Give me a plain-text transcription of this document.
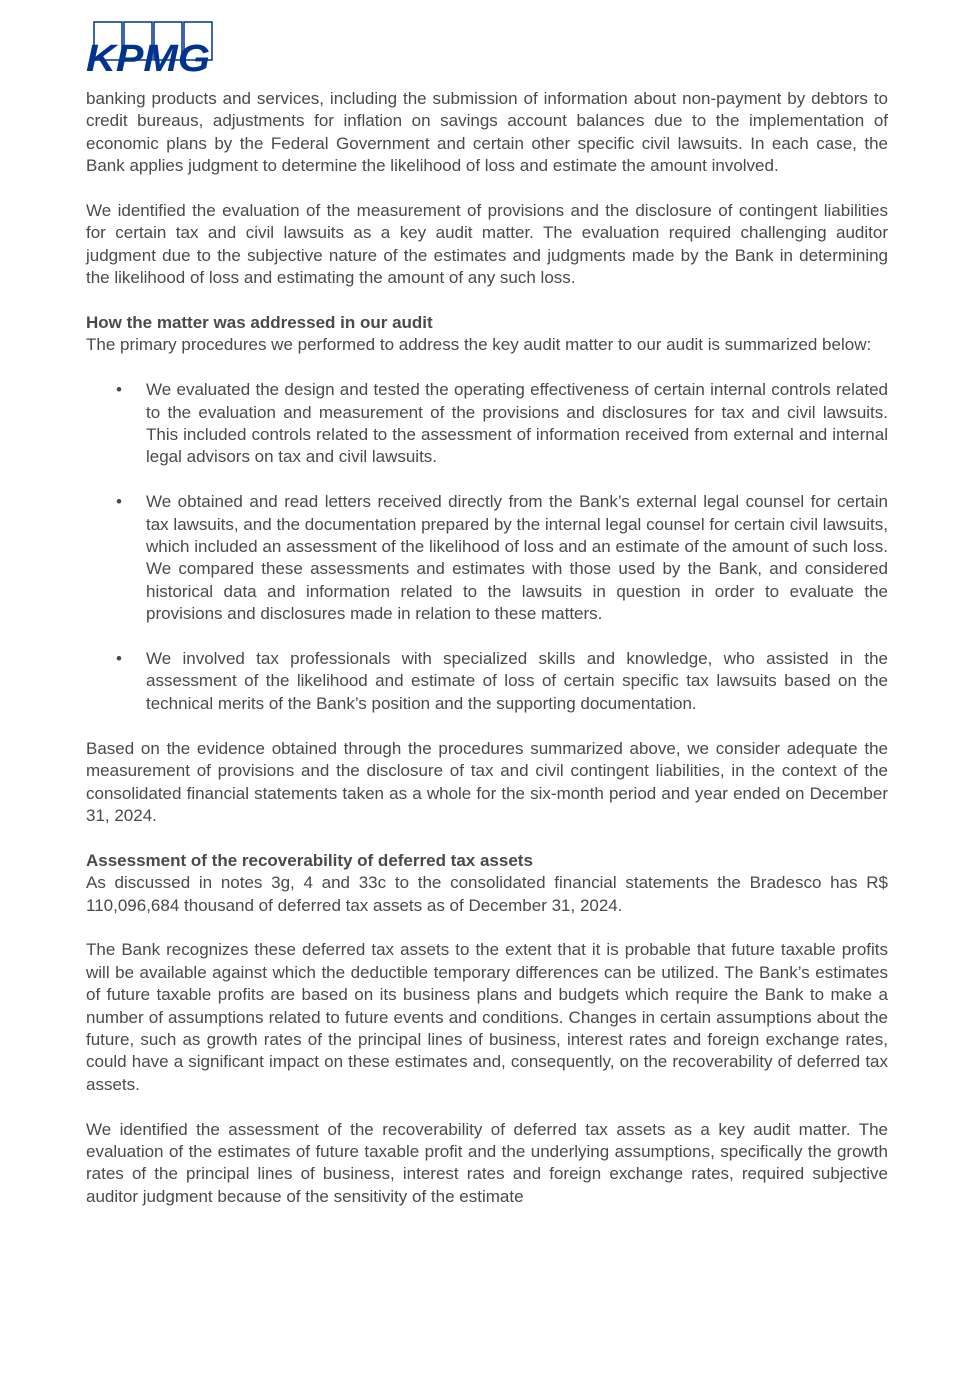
KPMG

banking products and services, including the submission of information about non-payment by debtors to credit bureaus, adjustments for inflation on savings account balances due to the implementation of economic plans by the Federal Government and certain other specific civil lawsuits. In each case, the Bank applies judgment to determine the likelihood of loss and estimate the amount involved.

We identified the evaluation of the measurement of provisions and the disclosure of contingent liabilities for certain tax and civil lawsuits as a key audit matter. The evaluation required challenging auditor judgment due to the subjective nature of the estimates and judgments made by the Bank in determining the likelihood of loss and estimating the amount of any such loss.

How the matter was addressed in our audit

The primary procedures we performed to address the key audit matter to our audit is summarized below:

• We evaluated the design and tested the operating effectiveness of certain internal controls related to the evaluation and measurement of the provisions and disclosures for tax and civil lawsuits. This included controls related to the assessment of information received from external and internal legal advisors on tax and civil lawsuits.
• We obtained and read letters received directly from the Bank’s external legal counsel for certain tax lawsuits, and the documentation prepared by the internal legal counsel for certain civil lawsuits, which included an assessment of the likelihood of loss and an estimate of the amount of such loss. We compared these assessments and estimates with those used by the Bank, and considered historical data and information related to the lawsuits in question in order to evaluate the provisions and disclosures made in relation to these matters.
• We involved tax professionals with specialized skills and knowledge, who assisted in the assessment of the likelihood and estimate of loss of certain specific tax lawsuits based on the technical merits of the Bank’s position and the supporting documentation.

Based on the evidence obtained through the procedures summarized above, we consider adequate the measurement of provisions and the disclosure of tax and civil contingent liabilities, in the context of the consolidated financial statements taken as a whole for the six-month period and year ended on December 31, 2024.

Assessment of the recoverability of deferred tax assets

As discussed in notes 3g, 4 and 33c to the consolidated financial statements the Bradesco has R$ 110,096,684 thousand of deferred tax assets as of December 31, 2024.

The Bank recognizes these deferred tax assets to the extent that it is probable that future taxable profits will be available against which the deductible temporary differences can be utilized. The Bank’s estimates of future taxable profits are based on its business plans and budgets which require the Bank to make a number of assumptions related to future events and conditions. Changes in certain assumptions about the future, such as growth rates of the principal lines of business, interest rates and foreign exchange rates, could have a significant impact on these estimates and, consequently, on the recoverability of deferred tax assets.

We identified the assessment of the recoverability of deferred tax assets as a key audit matter. The evaluation of the estimates of future taxable profit and the underlying assumptions, specifically the growth rates of the principal lines of business, interest rates and foreign exchange rates, required subjective auditor judgment because of the sensitivity of the estimate
